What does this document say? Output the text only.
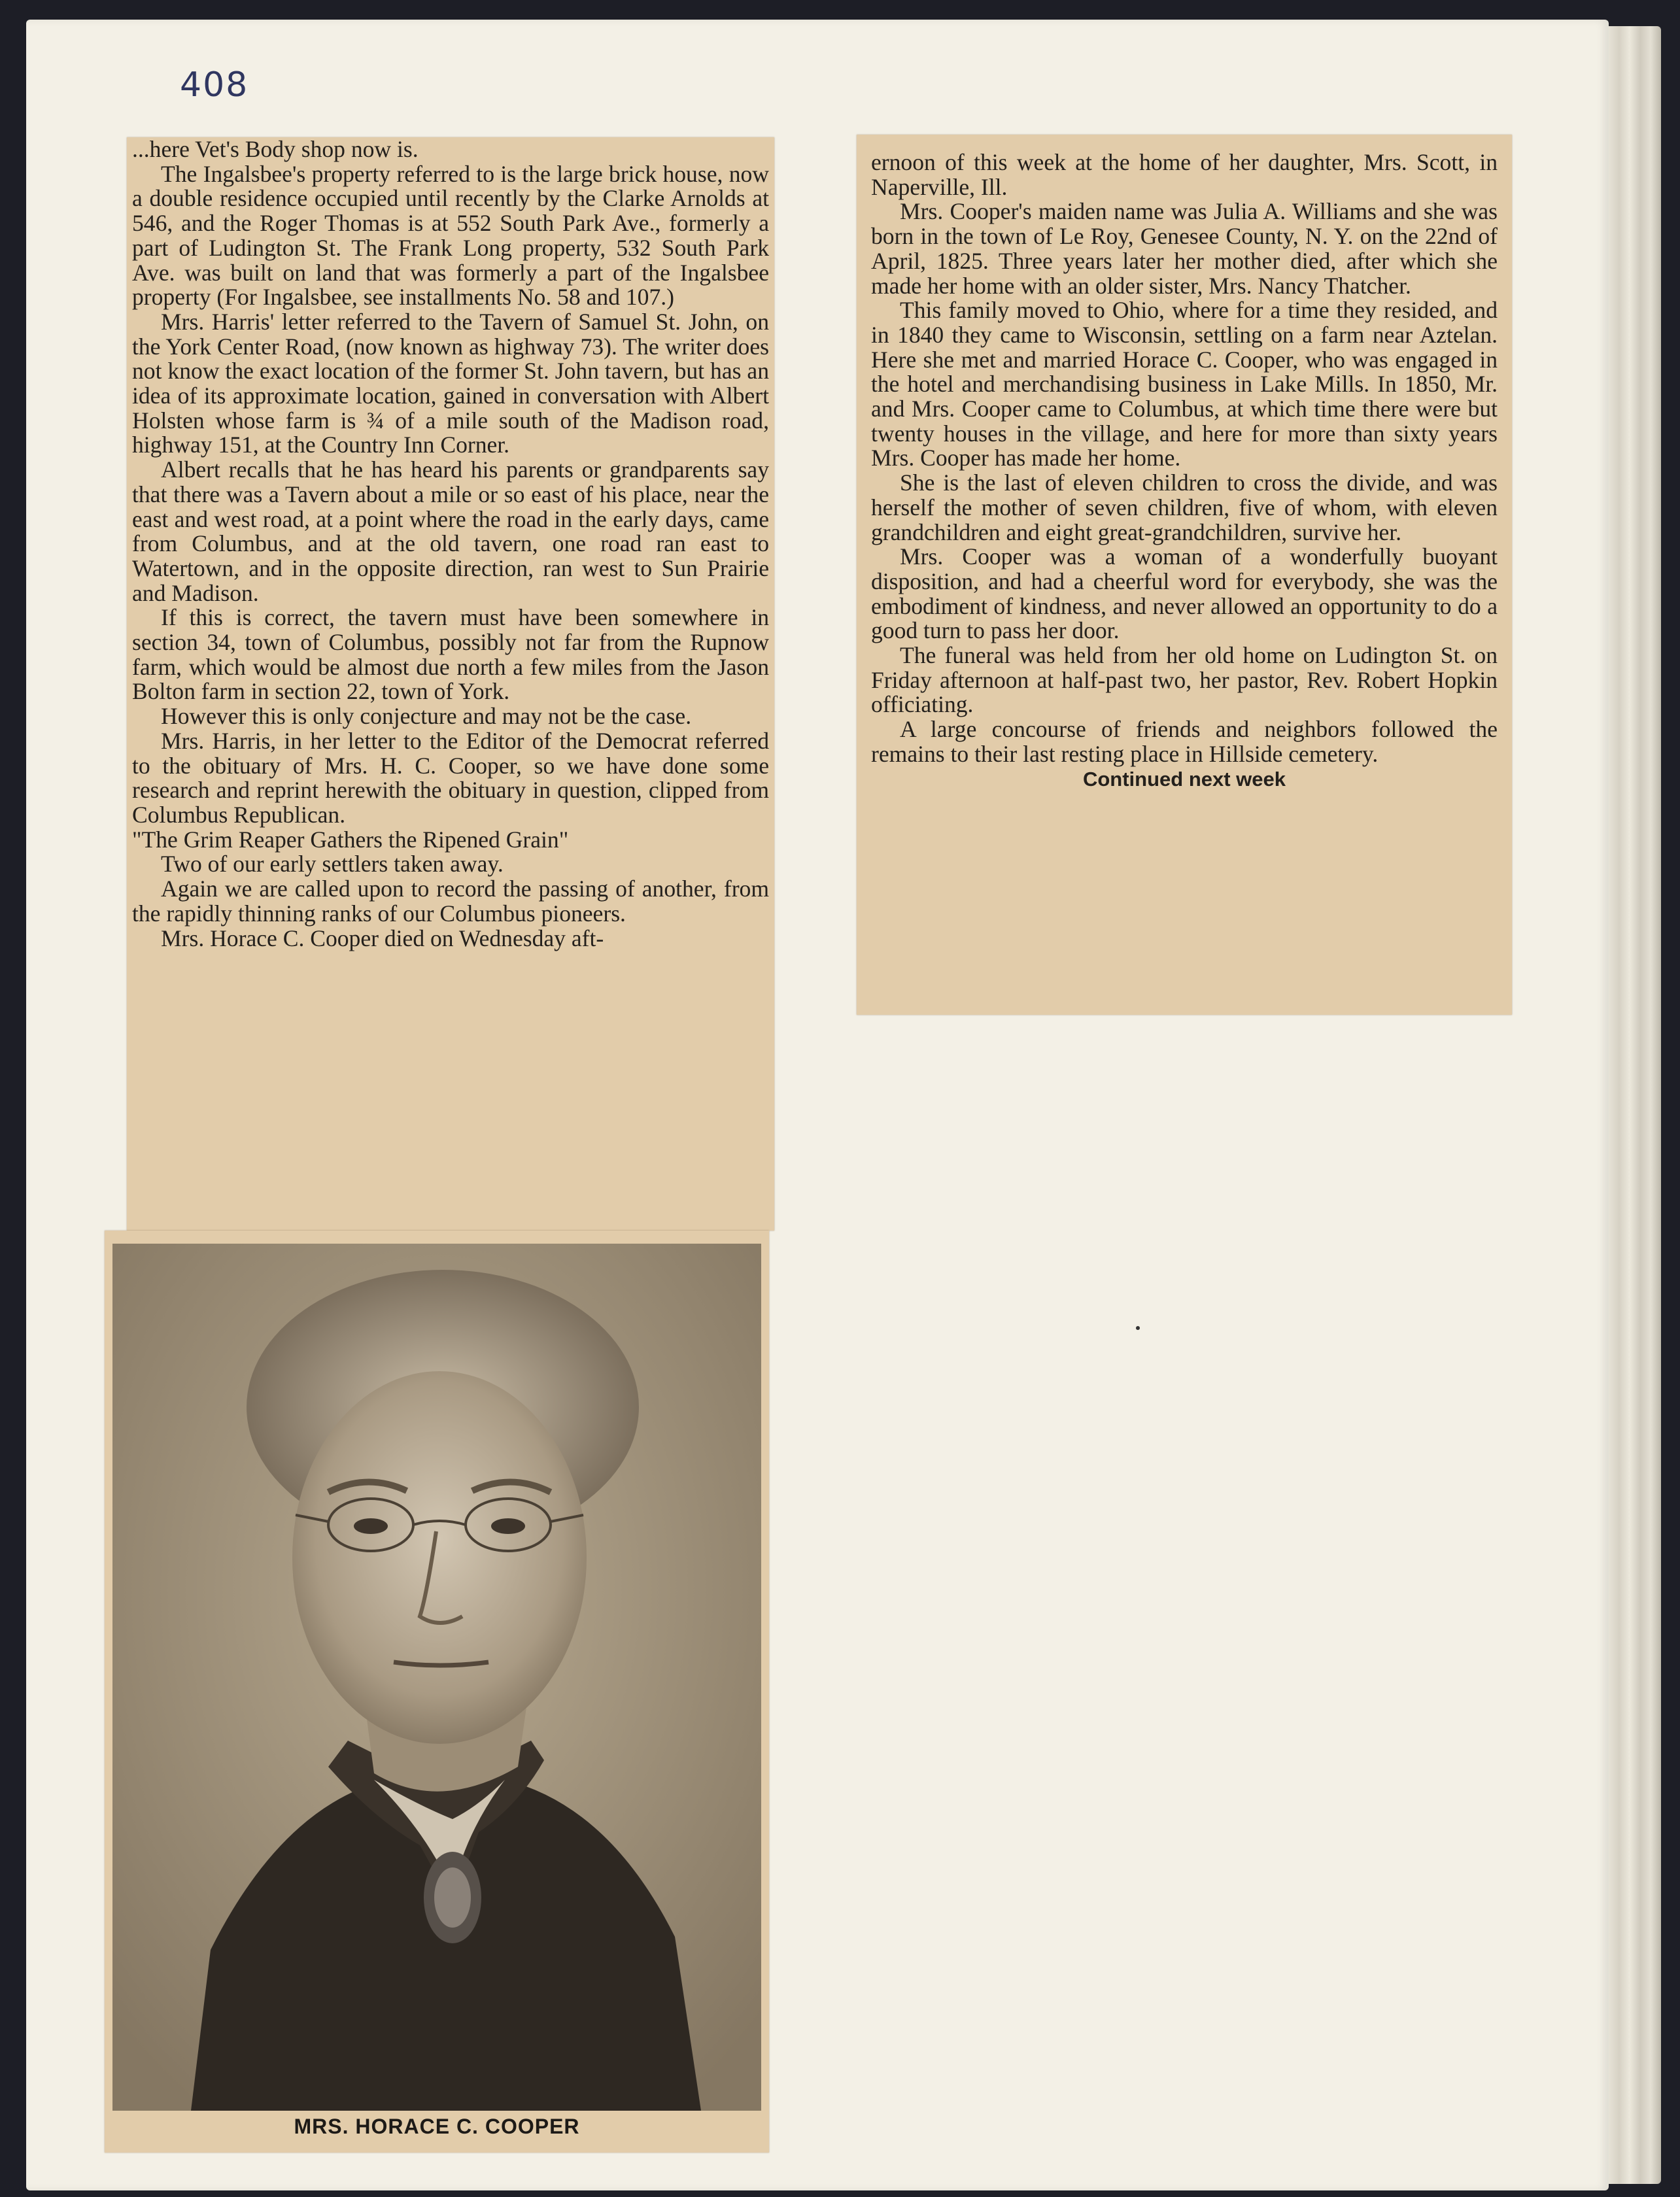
408

...here Vet's Body shop now is.

The Ingalsbee's property referred to is the large brick house, now a double residence occupied until recently by the Clarke Arnolds at 546, and the Roger Thomas is at 552 South Park Ave., formerly a part of Ludington St. The Frank Long property, 532 South Park Ave. was built on land that was formerly a part of the Ingalsbee property (For Ingalsbee, see installments No. 58 and 107.)

Mrs. Harris' letter referred to the Tavern of Samuel St. John, on the York Center Road, (now known as highway 73). The writer does not know the exact location of the former St. John tavern, but has an idea of its approximate location, gained in conversation with Albert Holsten whose farm is ¾ of a mile south of the Madison road, highway 151, at the Country Inn Corner.

Albert recalls that he has heard his parents or grandparents say that there was a Tavern about a mile or so east of his place, near the east and west road, at a point where the road in the early days, came from Columbus, and at the old tavern, one road ran east to Watertown, and in the opposite direction, ran west to Sun Prairie and Madison.

If this is correct, the tavern must have been somewhere in section 34, town of Columbus, possibly not far from the Rupnow farm, which would be almost due north a few miles from the Jason Bolton farm in section 22, town of York.

However this is only conjecture and may not be the case.

Mrs. Harris, in her letter to the Editor of the Democrat referred to the obituary of Mrs. H. C. Cooper, so we have done some research and reprint herewith the obituary in question, clipped from Columbus Republican.

"The Grim Reaper Gathers the Ripened Grain"

Two of our early settlers taken away.

Again we are called upon to record the passing of another, from the rapidly thinning ranks of our Columbus pioneers.

Mrs. Horace C. Cooper died on Wednesday aft-

MRS. HORACE C. COOPER

ernoon of this week at the home of her daughter, Mrs. Scott, in Naperville, Ill.

Mrs. Cooper's maiden name was Julia A. Williams and she was born in the town of Le Roy, Genesee County, N. Y. on the 22nd of April, 1825. Three years later her mother died, after which she made her home with an older sister, Mrs. Nancy Thatcher.

This family moved to Ohio, where for a time they resided, and in 1840 they came to Wisconsin, settling on a farm near Aztelan. Here she met and married Horace C. Cooper, who was engaged in the hotel and merchandising business in Lake Mills. In 1850, Mr. and Mrs. Cooper came to Columbus, at which time there were but twenty houses in the village, and here for more than sixty years Mrs. Cooper has made her home.

She is the last of eleven children to cross the divide, and was herself the mother of seven children, five of whom, with eleven grandchildren and eight great-grandchildren, survive her.

Mrs. Cooper was a woman of a wonderfully buoyant disposition, and had a cheerful word for everybody, she was the embodiment of kindness, and never allowed an opportunity to do a good turn to pass her door.

The funeral was held from her old home on Ludington St. on Friday afternoon at half-past two, her pastor, Rev. Robert Hopkin officiating.

A large concourse of friends and neighbors followed the remains to their last resting place in Hillside cemetery.

Continued next week
